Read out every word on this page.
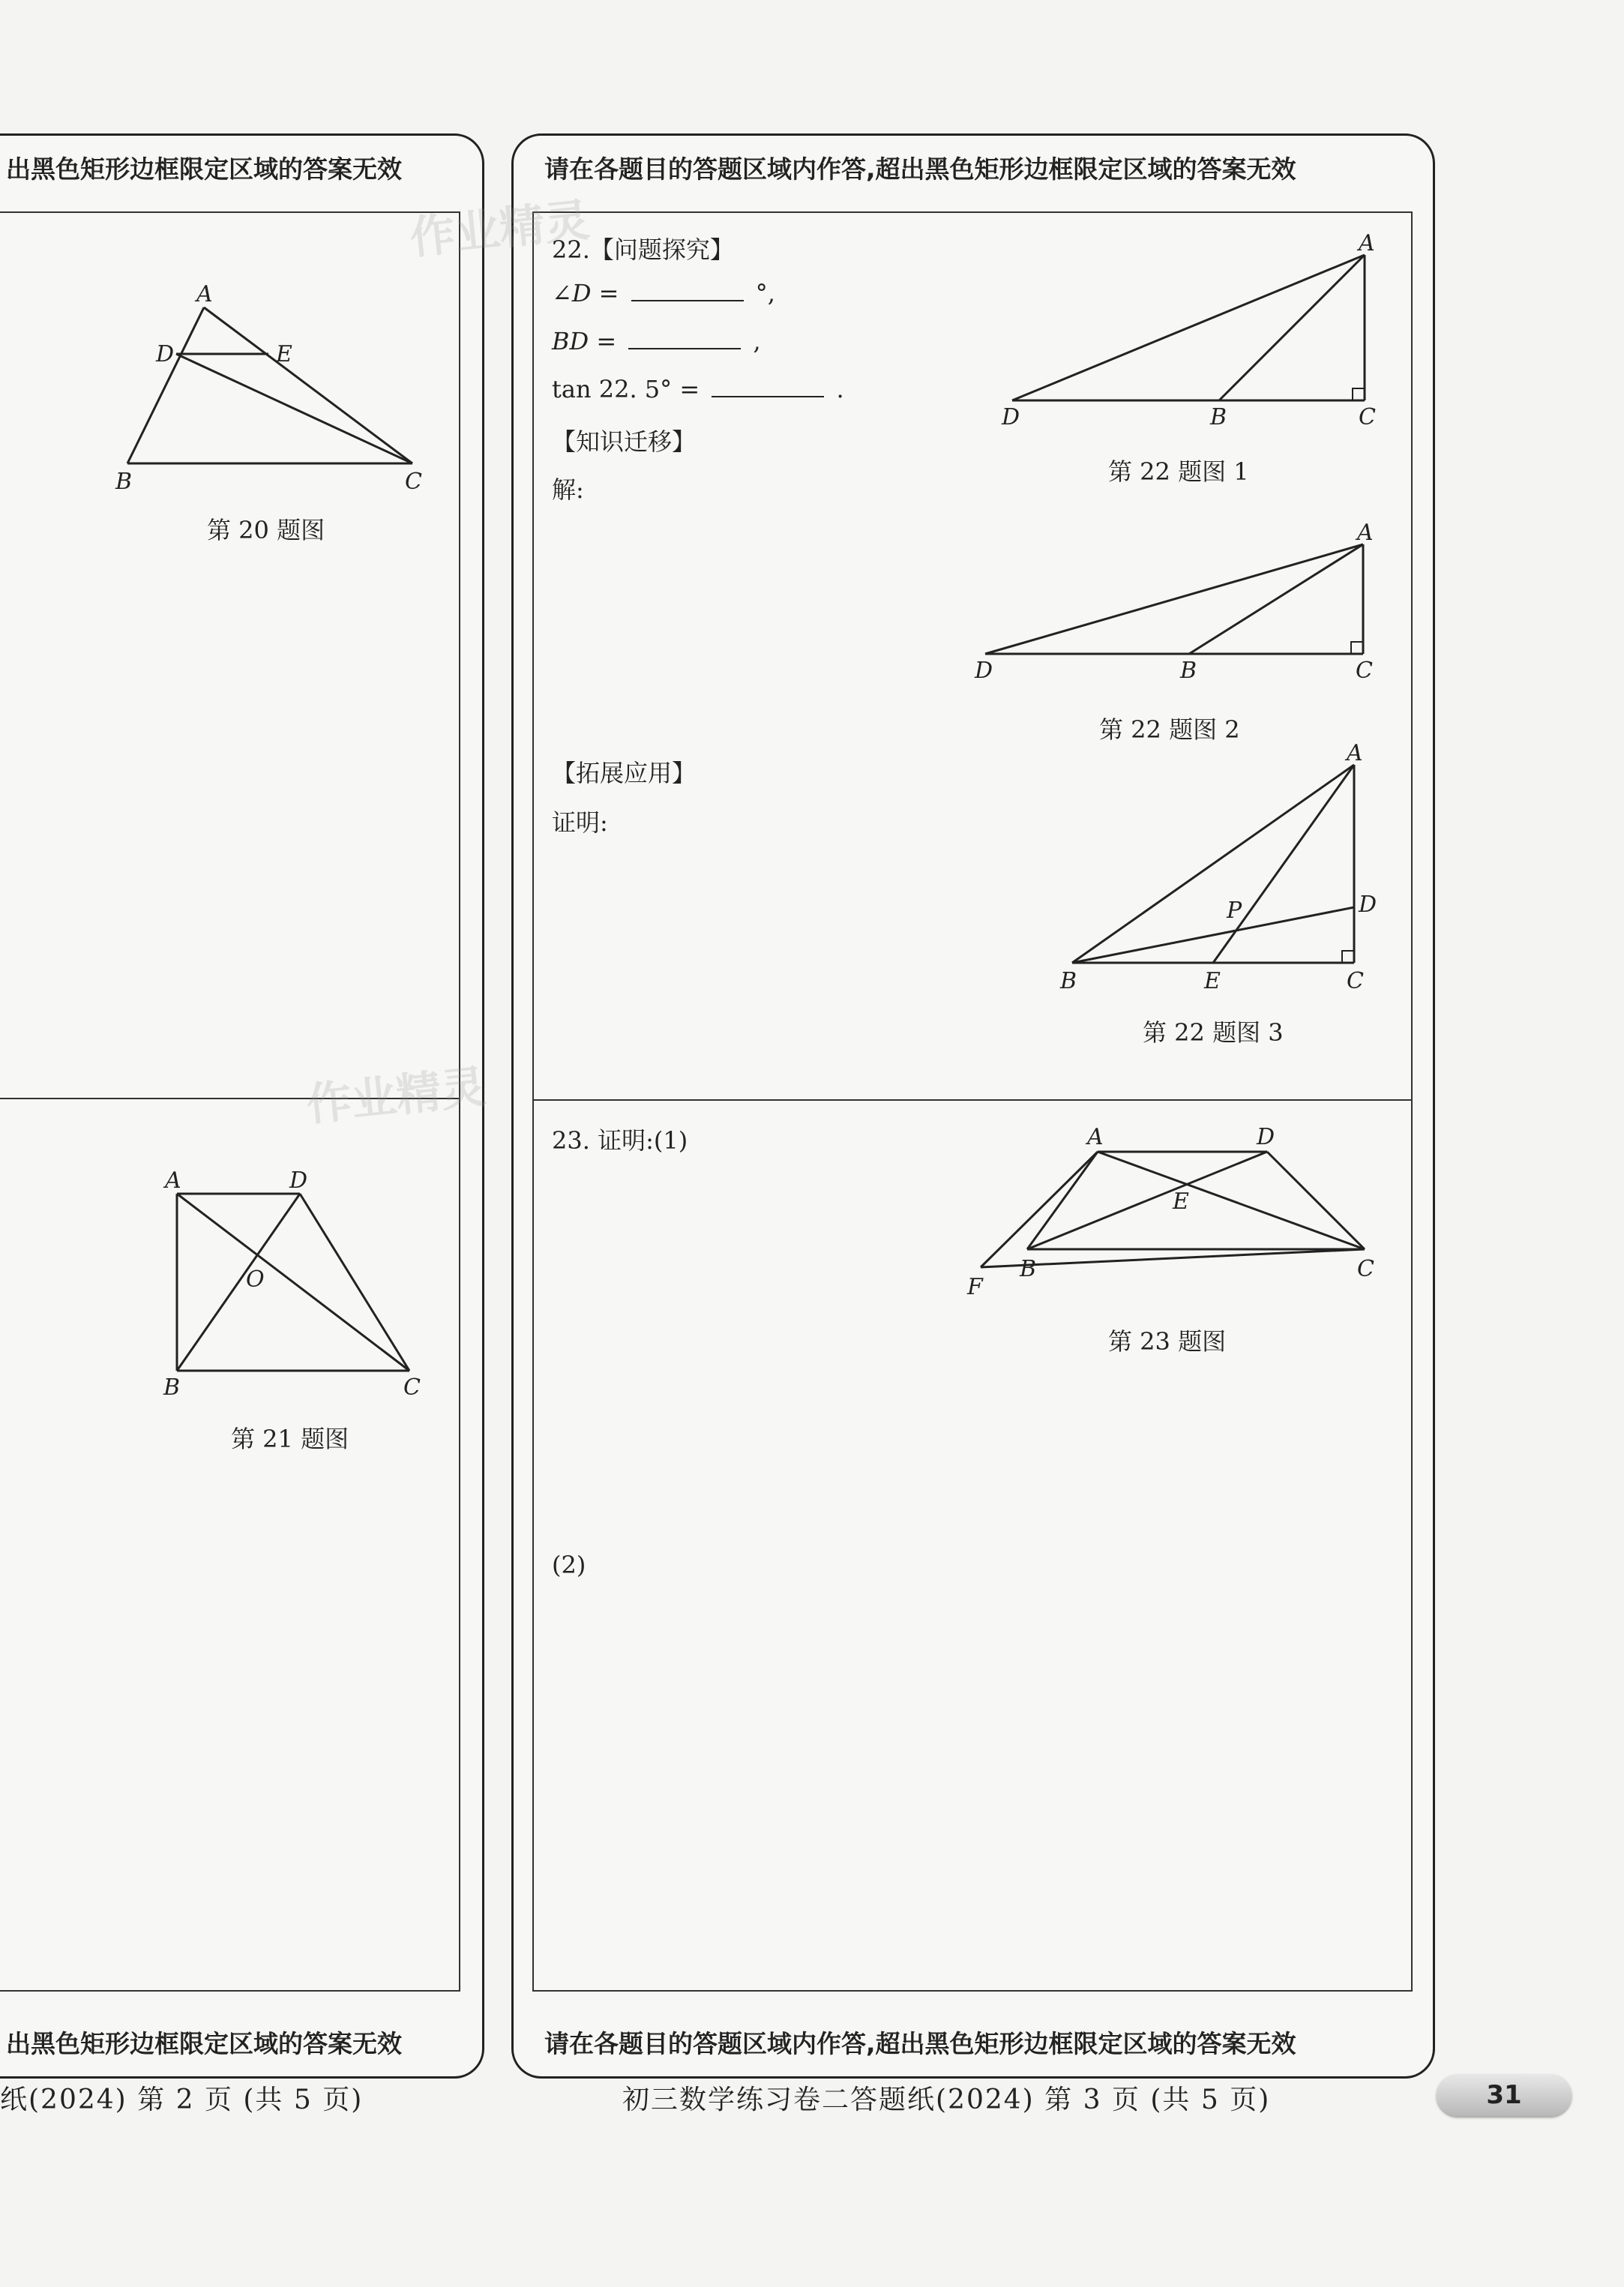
出黑色矩形边框限定区域的答案无效
出黑色矩形边框限定区域的答案无效
A
D	E
B	C
第 20 题图
A	D
O
B	C
第 21 题图
请在各题目的答题区域内作答,超出黑色矩形边框限定区域的答案无效
请在各题目的答题区域内作答,超出黑色矩形边框限定区域的答案无效
22.【问题探究】
∠D =	°,
BD =	,
tan 22. 5° =	.
【知识迁移】
解:
【拓展应用】
证明:
A
D	B	C
第 22 题图 1
A
D	B	C
第 22 题图 2
A
D
P
B	E	C
第 22 题图 3
23. 证明:(1)
(2)
A	D
E
F
B	C
第 23 题图
作业精灵
作业精灵
纸(2024) 第 2 页 (共 5 页)	初三数学练习卷二答题纸(2024) 第 3 页 (共 5 页)	31
